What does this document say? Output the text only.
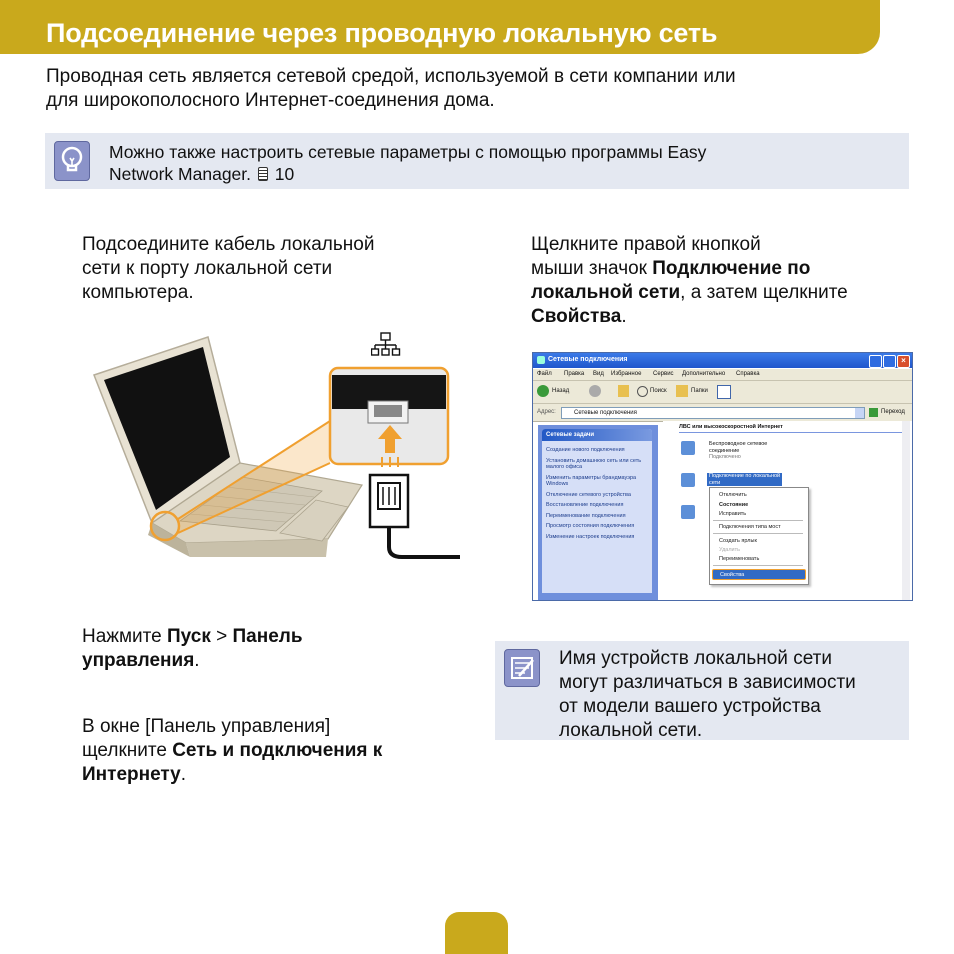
Подсоединение через проводную локальную сеть
Проводная сеть является сетевой средой, используемой в сети компании или
для широкополосного Интернет-соединения дома.
Можно также настроить сетевые параметры с помощью программы Easy
Network Manager. 10
Подсоедините кабель локальной
сети к порту локальной сети
компьютера.
Щелкните правой кнопкой
мыши значок Подключение по
локальной сети, а затем щелкните
Свойства.
Сетевые подключения	×
Файл Правка Вид Избранное Сервис Дополнительно Справка
Назад	Поиск	Папки
Адрес:	Сетевые подключения	Переход
Сетевые задачи
Создание нового подключения
Установить домашнюю сеть или сеть малого офиса
Изменить параметры брандмауэра Windows
Отключение сетевого устройства
Восстановление подключения
Переименование подключения
Просмотр состояния подключения
Изменение настроек подключения
ЛВС или высокоскоростной Интернет
Беспроводное сетевое
соединение
Подключено
Подключение по локальной
сети
Отключить
Состояние
Исправить
Подключения типа мост
Создать ярлык
Удалить
Переименовать
Свойства
Нажмите Пуск > Панель
управления.
В окне [Панель управления]
щелкните Сеть и подключения к
Интернету.
Имя устройств локальной сети
могут различаться в зависимости
от модели вашего устройства
локальной сети.
